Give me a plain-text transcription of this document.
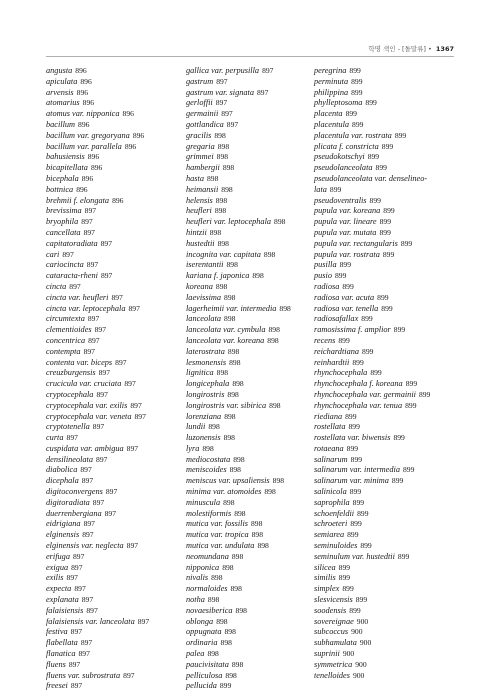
학명 색인 - [돌말류] • 1367
angusta 896
apiculata 896
arvensis 896
atomarius 896
atomus var. nipponica 896
bacillum 896
bacillum var. gregoryana 896
bacillum var. parallela 896
bahusiensis 896
bicapitellata 896
bicephala 896
bottnica 896
brehmii f. elongata 896
brevissima 897
bryophila 897
cancellata 897
capitatoradiata 897
cari 897
cariocincta 897
cataracta-rheni 897
cincta 897
cincta var. heufleri 897
cincta var. leptocephala 897
circumtexta 897
clementioides 897
concentrica 897
contempta 897
contenta var. biceps 897
creuzburgensis 897
cruciculа var. cruciata 897
cryptocephala 897
cryptocephala var. exilis 897
cryptocephala var. veneta 897
cryptotenella 897
curta 897
cuspidata var. ambigua 897
densilineolata 897
diabolica 897
dicephala 897
digitoconvergens 897
digitoradiata 897
duerrenbergiana 897
eidrigiana 897
elginensis 897
elginensis var. neglecta 897
erifuga 897
exigua 897
exilis 897
expecta 897
explanata 897
falaisiensis 897
falaisiensis var. lanceolata 897
festiva 897
flabellata 897
flanatica 897
fluens 897
fluens var. subrostrata 897
freesei 897
gallica var. perpusilla 897
gastrum 897
gastrum var. signata 897
gerloffii 897
germainii 897
gottlandica 897
gracilis 898
gregaria 898
grimmei 898
hambergii 898
hasta 898
heimansii 898
helensis 898
heufleri 898
heufleri var. leptocephala 898
hintzii 898
hustedtii 898
incognita var. capitata 898
iserentantii 898
kariana f. japonica 898
koreana 898
laevissima 898
lagerheimii var. intermedia 898
lanceolata 898
lanceolata var. cymbula 898
lanceolata var. koreana 898
laterostrata 898
lesmonensis 898
lignitica 898
longicephala 898
longirostris 898
longirostris var. sibirica 898
lorenziana 898
lundii 898
luzonensis 898
lyra 898
mediocostata 898
meniscoides 898
meniscus var. upsaliensis 898
minima var. atomoides 898
minuscula 898
molestiformis 898
mutica var. fossilis 898
mutica var. tropica 898
mutica var. undulata 898
neomundana 898
nipponica 898
nivalis 898
normaloides 898
notha 898
novaesiberica 898
oblonga 898
oppugnata 898
ordinaria 898
palea 898
paucivisitata 898
pelliculosa 898
pellucida 899
peregrina 899
perminuta 899
philippina 899
phylleptosoma 899
placenta 899
placentula 899
placentula var. rostrata 899
plicata f. constricta 899
pseudokotschyi 899
pseudolanceolata 899
pseudolanceolata var. denselineo-lata 899
pseudoventralis 899
pupula var. koreana 899
pupula var. lineare 899
pupula var. mutata 899
pupula var. rectangularis 899
pupula var. rostrata 899
pusilla 899
pusio 899
radiosa 899
radiosa var. acuta 899
radiosa var. tenella 899
radiosafallax 899
ramosissima f. amplior 899
recens 899
reichardtiana 899
reinhardtii 899
rhynchocephala 899
rhynchocephala f. koreana 899
rhynchocephala var. germainii 899
rhynchocephala var. tenua 899
riediana 899
rostellata 899
rostellata var. biwensis 899
rotaeana 899
salinarum 899
salinarum var. intermedia 899
salinarum var. minima 899
salinicola 899
saprophila 899
schoenfeldii 899
schroeteri 899
semiarea 899
seminuloides 899
seminulum var. hustedtii 899
silicea 899
similis 899
simplex 899
slesvicensis 899
soodensis 899
sovereignae 900
subcoccus 900
subhamulata 900
suprinii 900
symmetrica 900
tenelloides 900
